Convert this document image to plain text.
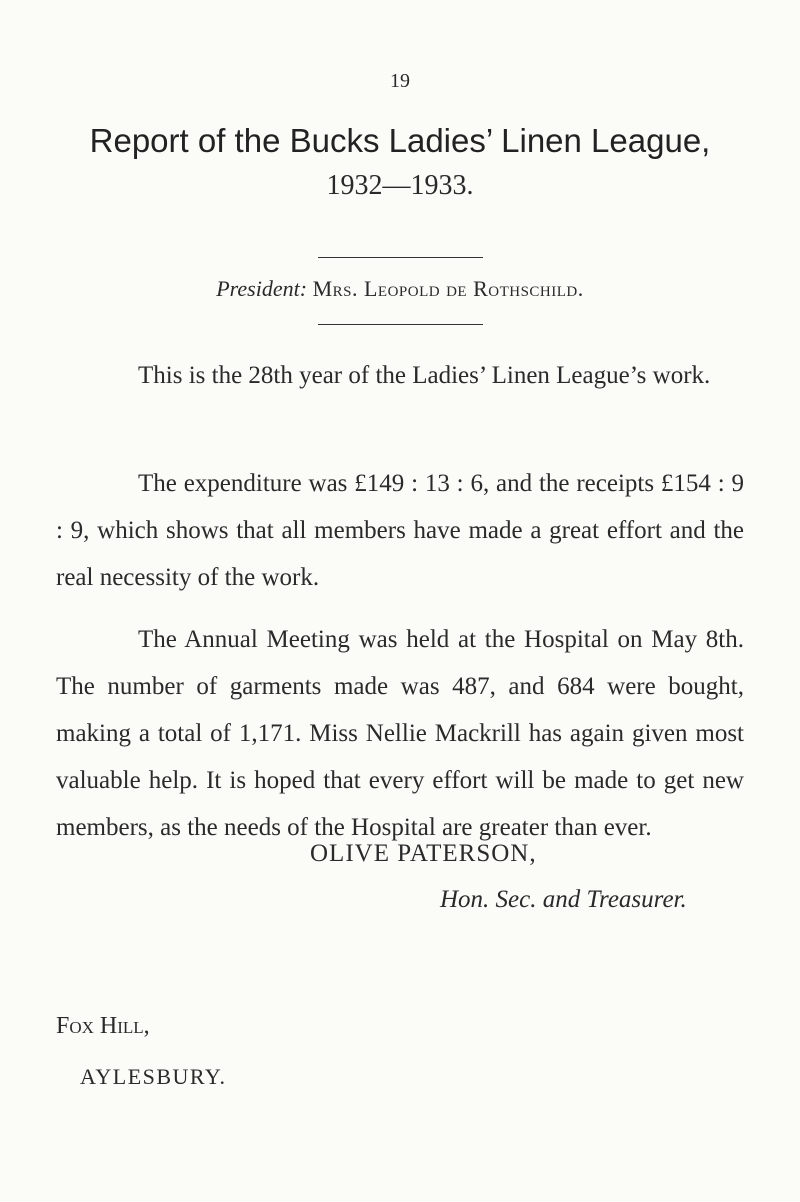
19
Report of the Bucks Ladies’ Linen League,
1932—1933.
President: Mrs. Leopold de Rothschild.
This is the 28th year of the Ladies’ Linen League’s work.
The expenditure was £149 : 13 : 6, and the receipts £154 : 9 : 9, which shows that all members have made a great effort and the real necessity of the work.
The Annual Meeting was held at the Hospital on May 8th. The number of garments made was 487, and 684 were bought, making a total of 1,171. Miss Nellie Mackrill has again given most valuable help. It is hoped that every effort will be made to get new members, as the needs of the Hospital are greater than ever.
OLIVE PATERSON,
Hon. Sec. and Treasurer.
Fox Hill,
AYLESBURY.
